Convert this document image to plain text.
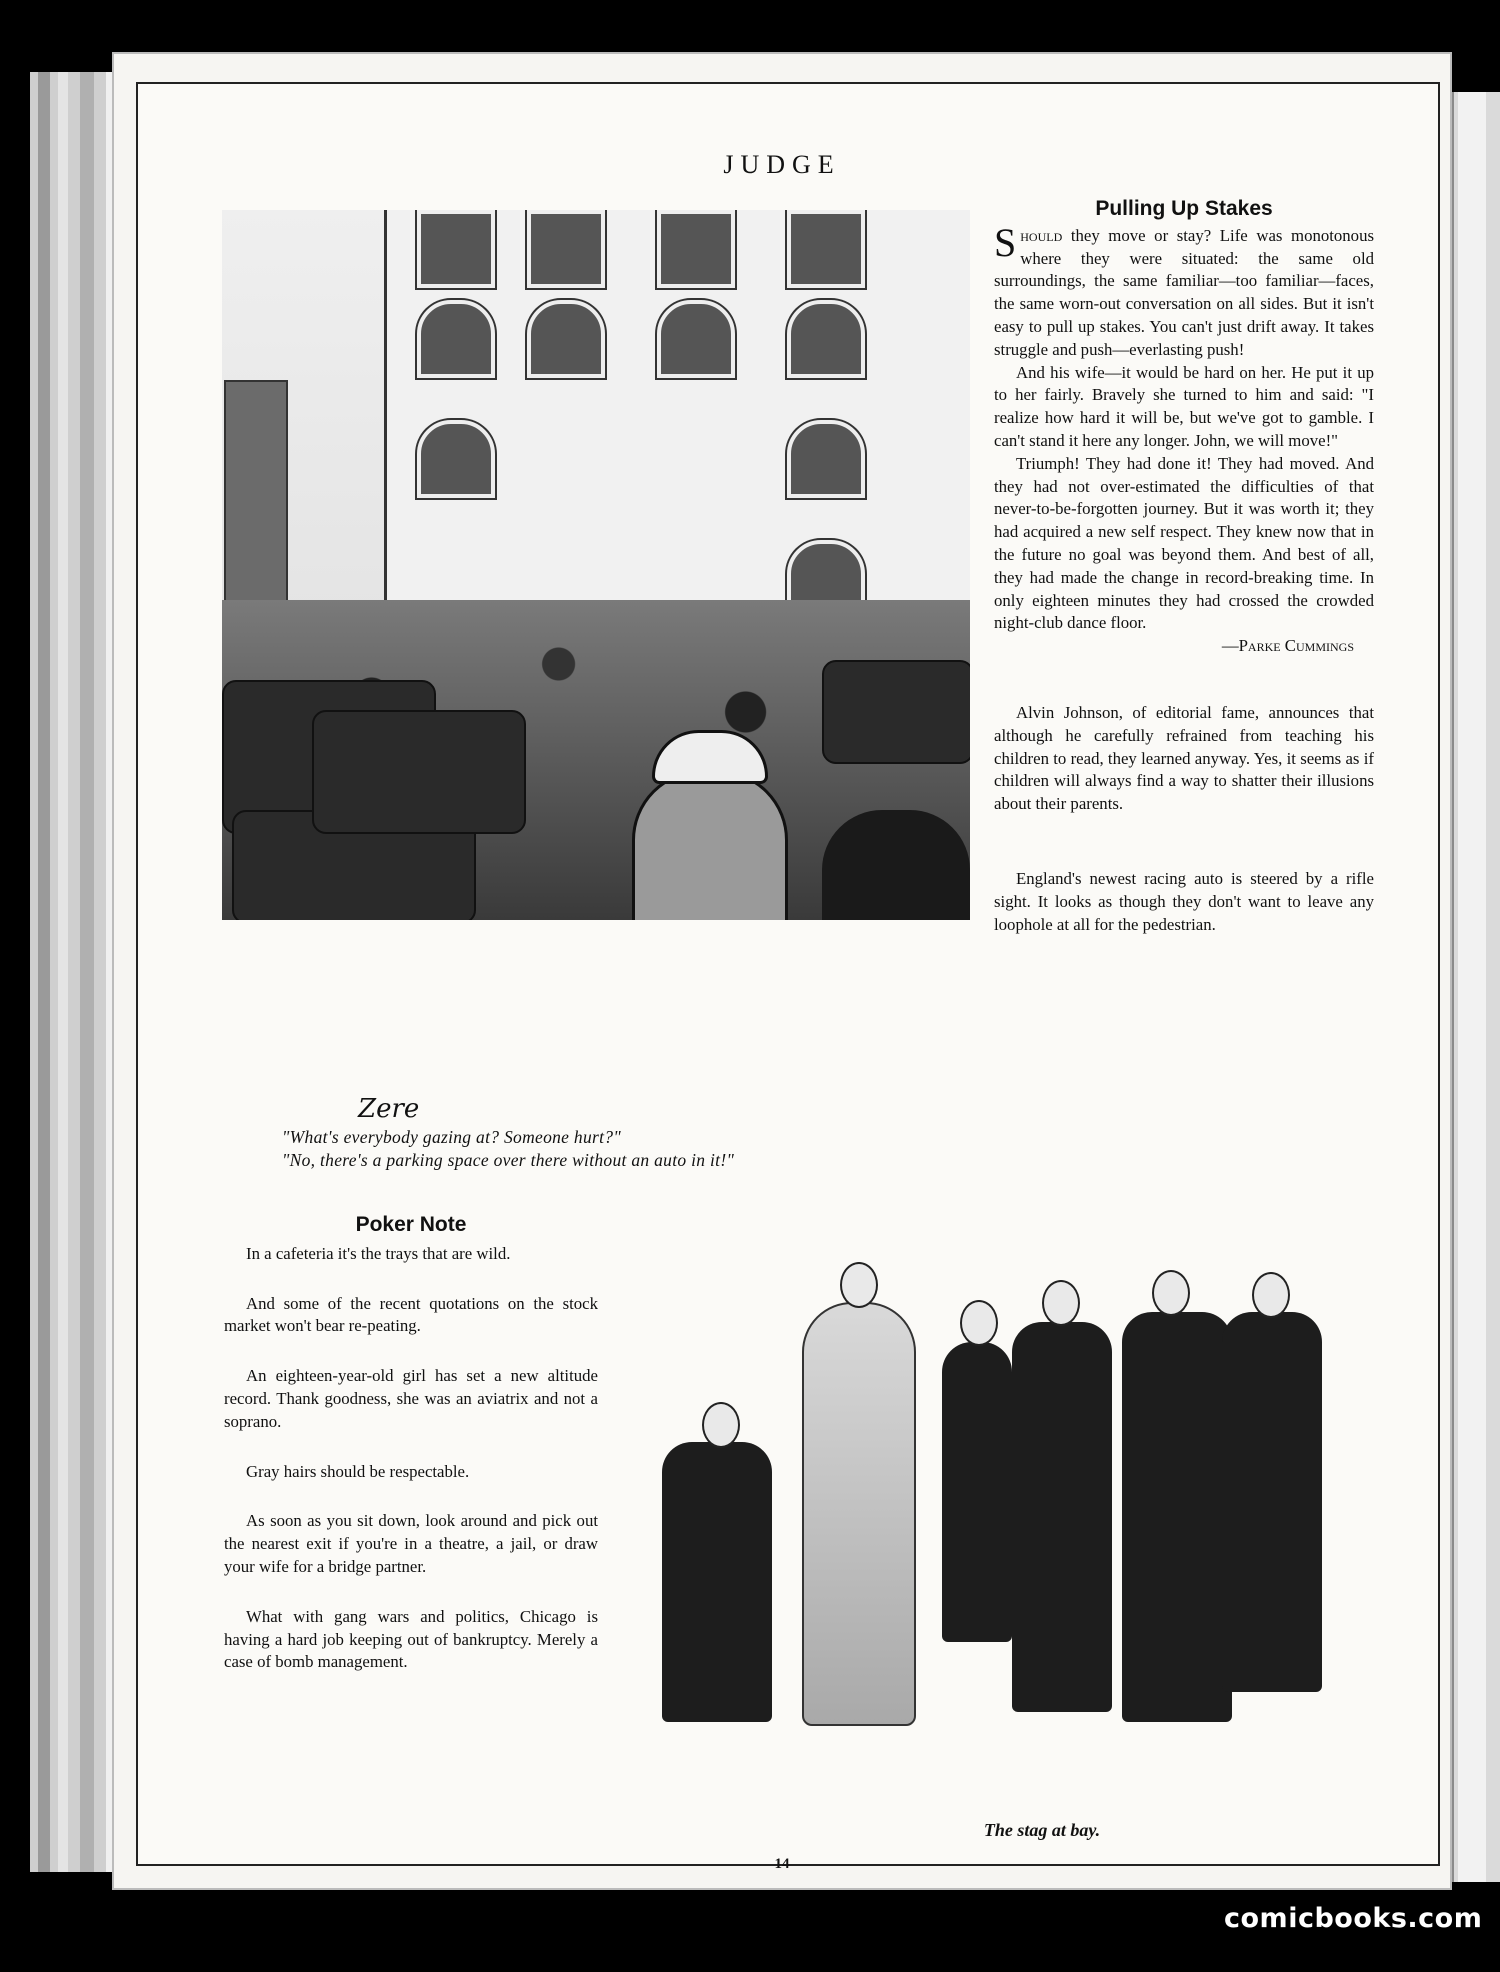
JUDGE
Zere
"What's everybody gazing at? Someone hurt?"
"No, there's a parking space over there without an auto in it!"
Pulling Up Stakes

Should they move or stay? Life was monotonous where they were situated: the same old surroundings, the same familiar—too familiar—faces, the same worn-out conversation on all sides. But it isn't easy to pull up stakes. You can't just drift away. It takes struggle and push—everlasting push!

And his wife—it would be hard on her. He put it up to her fairly. Bravely she turned to him and said: "I realize how hard it will be, but we've got to gamble. I can't stand it here any longer. John, we will move!"

Triumph! They had done it! They had moved. And they had not over-estimated the difficulties of that never-to-be-forgotten journey. But it was worth it; they had acquired a new self respect. They knew now that in the future no goal was beyond them. And best of all, they had made the change in record-breaking time. In only eighteen minutes they had crossed the crowded night-club dance floor.

—Parke Cummings

Alvin Johnson, of editorial fame, announces that although he carefully refrained from teaching his children to read, they learned anyway. Yes, it seems as if children will always find a way to shatter their illusions about their parents.

England's newest racing auto is steered by a rifle sight. It looks as though they don't want to leave any loophole at all for the pedestrian.

Poker Note

In a cafeteria it's the trays that are wild.

And some of the recent quotations on the stock market won't bear re-peating.

An eighteen-year-old girl has set a new altitude record. Thank goodness, she was an aviatrix and not a soprano.

Gray hairs should be respectable.

As soon as you sit down, look around and pick out the nearest exit if you're in a theatre, a jail, or draw your wife for a bridge partner.

What with gang wars and politics, Chicago is having a hard job keeping out of bankruptcy. Merely a case of bomb management.

The stag at bay.
14
comicbooks.com
